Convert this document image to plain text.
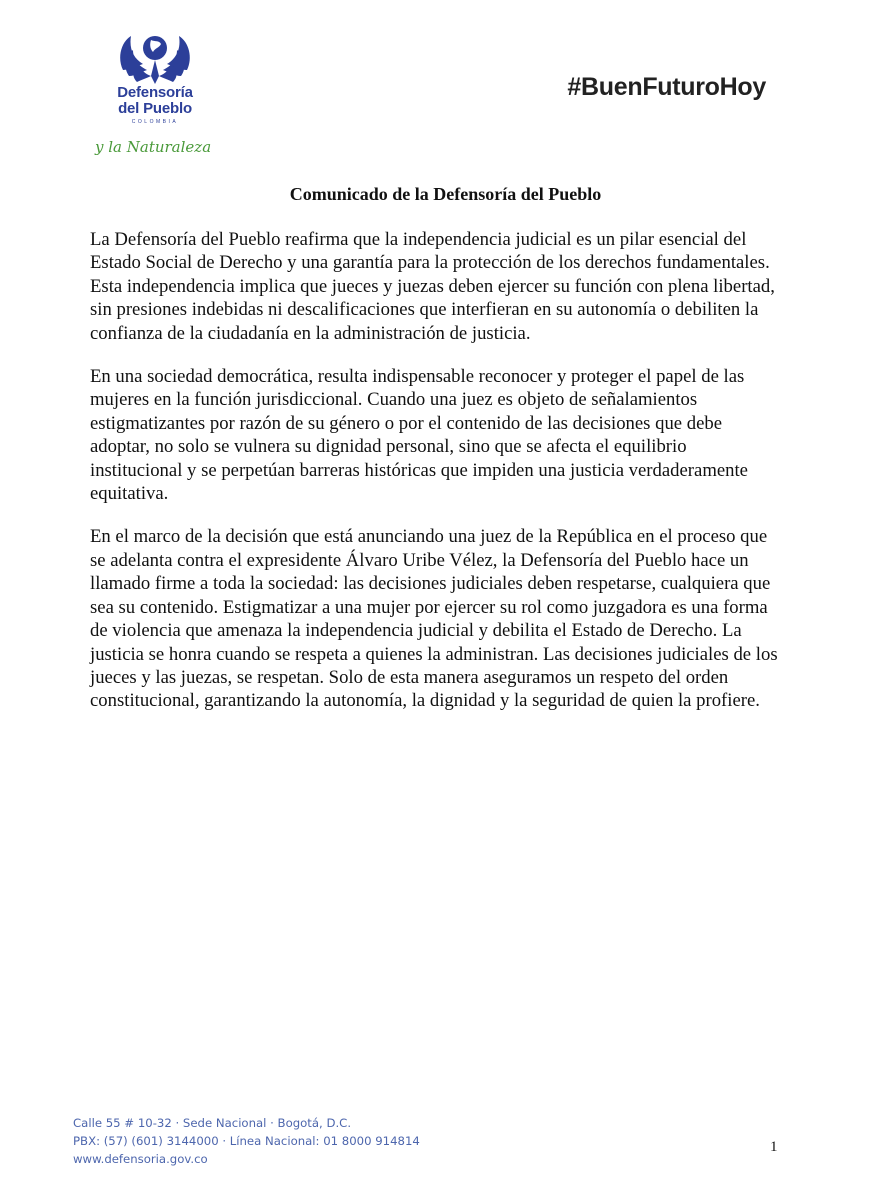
Defensoría
del Pueblo
COLOMBIA
y la Naturaleza
#BuenFuturoHoy
Comunicado de la Defensoría del Pueblo

La Defensoría del Pueblo reafirma que la independencia judicial es un pilar esencial del Estado Social de Derecho y una garantía para la protección de los derechos fundamentales. Esta independencia implica que jueces y juezas deben ejercer su función con plena libertad, sin presiones indebidas ni descalificaciones que interfieran en su autonomía o debiliten la confianza de la ciudadanía en la administración de justicia.

En una sociedad democrática, resulta indispensable reconocer y proteger el papel de las mujeres en la función jurisdiccional. Cuando una juez es objeto de señalamientos estigmatizantes por razón de su género o por el contenido de las decisiones que debe adoptar, no solo se vulnera su dignidad personal, sino que se afecta el equilibrio institucional y se perpetúan barreras históricas que impiden una justicia verdaderamente equitativa.

En el marco de la decisión que está anunciando una juez de la República en el proceso que se adelanta contra el expresidente Álvaro Uribe Vélez, la Defensoría del Pueblo hace un llamado firme a toda la sociedad: las decisiones judiciales deben respetarse, cualquiera que sea su contenido. Estigmatizar a una mujer por ejercer su rol como juzgadora es una forma de violencia que amenaza la independencia judicial y debilita el Estado de Derecho. La justicia se honra cuando se respeta a quienes la administran. Las decisiones judiciales de los jueces y las juezas, se respetan. Solo de esta manera aseguramos un respeto del orden constitucional, garantizando la autonomía, la dignidad y la seguridad de quien la profiere.

Calle 55 # 10-32 · Sede Nacional · Bogotá, D.C.
PBX: (57) (601) 3144000 · Línea Nacional: 01 8000 914814
www.defensoria.gov.co
1
